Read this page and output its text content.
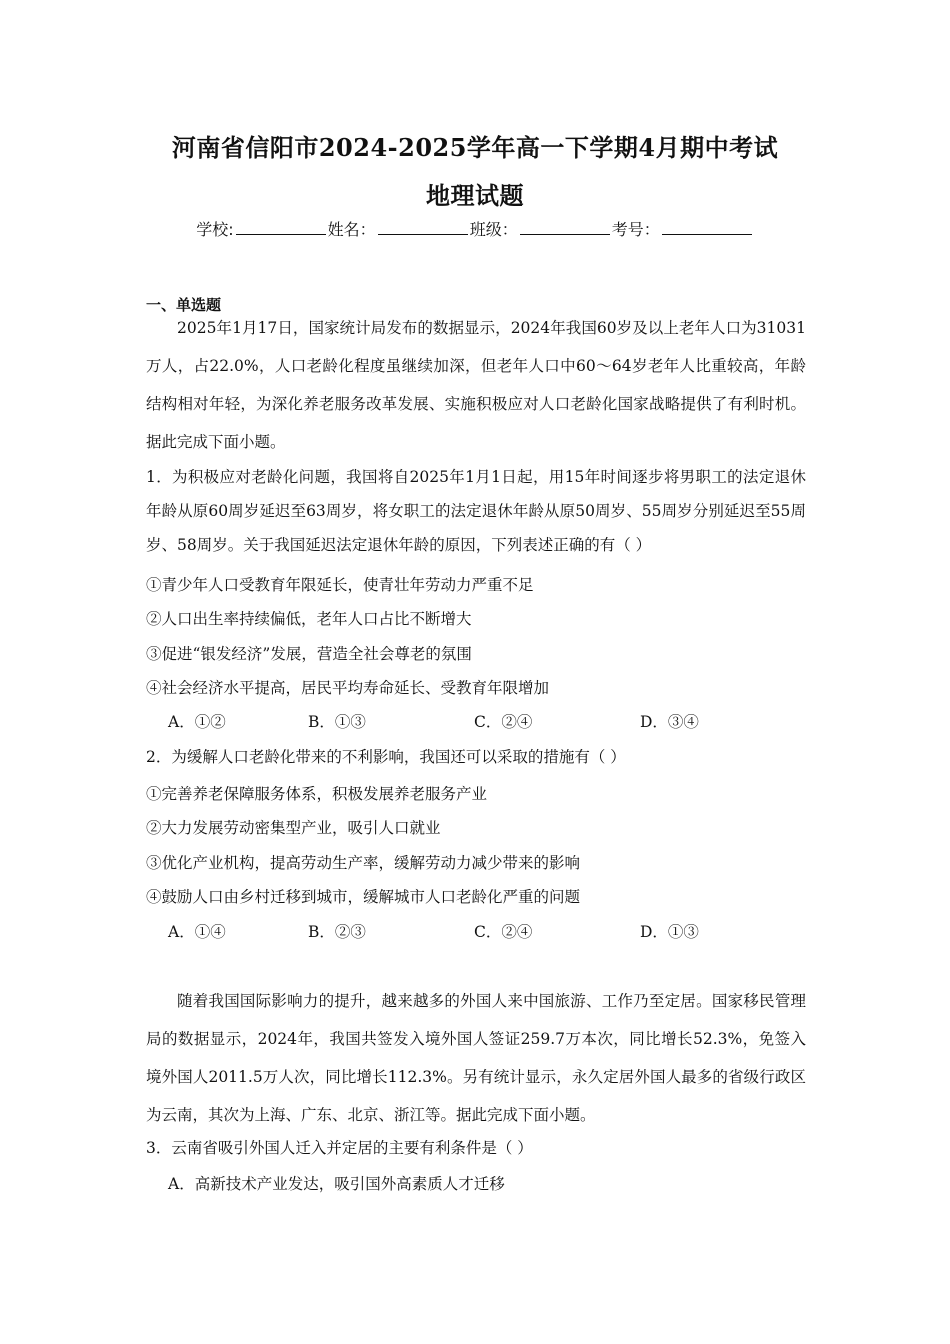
河南省信阳市2024-2025学年高一下学期4月期中考试
地理试题
学校:	姓名：	班级：	考号：
一、单选题
2025年1月17日，国家统计局发布的数据显示，2024年我国60岁及以上老年人口为31031万人，占22.0%，人口老龄化程度虽继续加深，但老年人口中60～64岁老年人比重较高，年龄结构相对年轻，为深化养老服务改革发展、实施积极应对人口老龄化国家战略提供了有利时机。据此完成下面小题。
1．为积极应对老龄化问题，我国将自2025年1月1日起，用15年时间逐步将男职工的法定退休年龄从原60周岁延迟至63周岁，将女职工的法定退休年龄从原50周岁、55周岁分别延迟至55周岁、58周岁。关于我国延迟法定退休年龄的原因，下列表述正确的有（ ）
①青少年人口受教育年限延长，使青壮年劳动力严重不足
②人口出生率持续偏低，老年人口占比不断增大
③促进“银发经济”发展，营造全社会尊老的氛围
④社会经济水平提高，居民平均寿命延长、受教育年限增加
A．①②	B．①③	C．②④	D．③④
2．为缓解人口老龄化带来的不利影响，我国还可以采取的措施有（ ）
①完善养老保障服务体系，积极发展养老服务产业
②大力发展劳动密集型产业，吸引人口就业
③优化产业机构，提高劳动生产率，缓解劳动力减少带来的影响
④鼓励人口由乡村迁移到城市，缓解城市人口老龄化严重的问题
A．①④	B．②③	C．②④	D．①③
随着我国国际影响力的提升，越来越多的外国人来中国旅游、工作乃至定居。国家移民管理局的数据显示，2024年，我国共签发入境外国人签证259.7万本次，同比增长52.3%，免签入境外国人2011.5万人次，同比增长112.3%。另有统计显示，永久定居外国人最多的省级行政区为云南，其次为上海、广东、北京、浙江等。据此完成下面小题。
3．云南省吸引外国人迁入并定居的主要有利条件是（ ）
A．高新技术产业发达，吸引国外高素质人才迁移
